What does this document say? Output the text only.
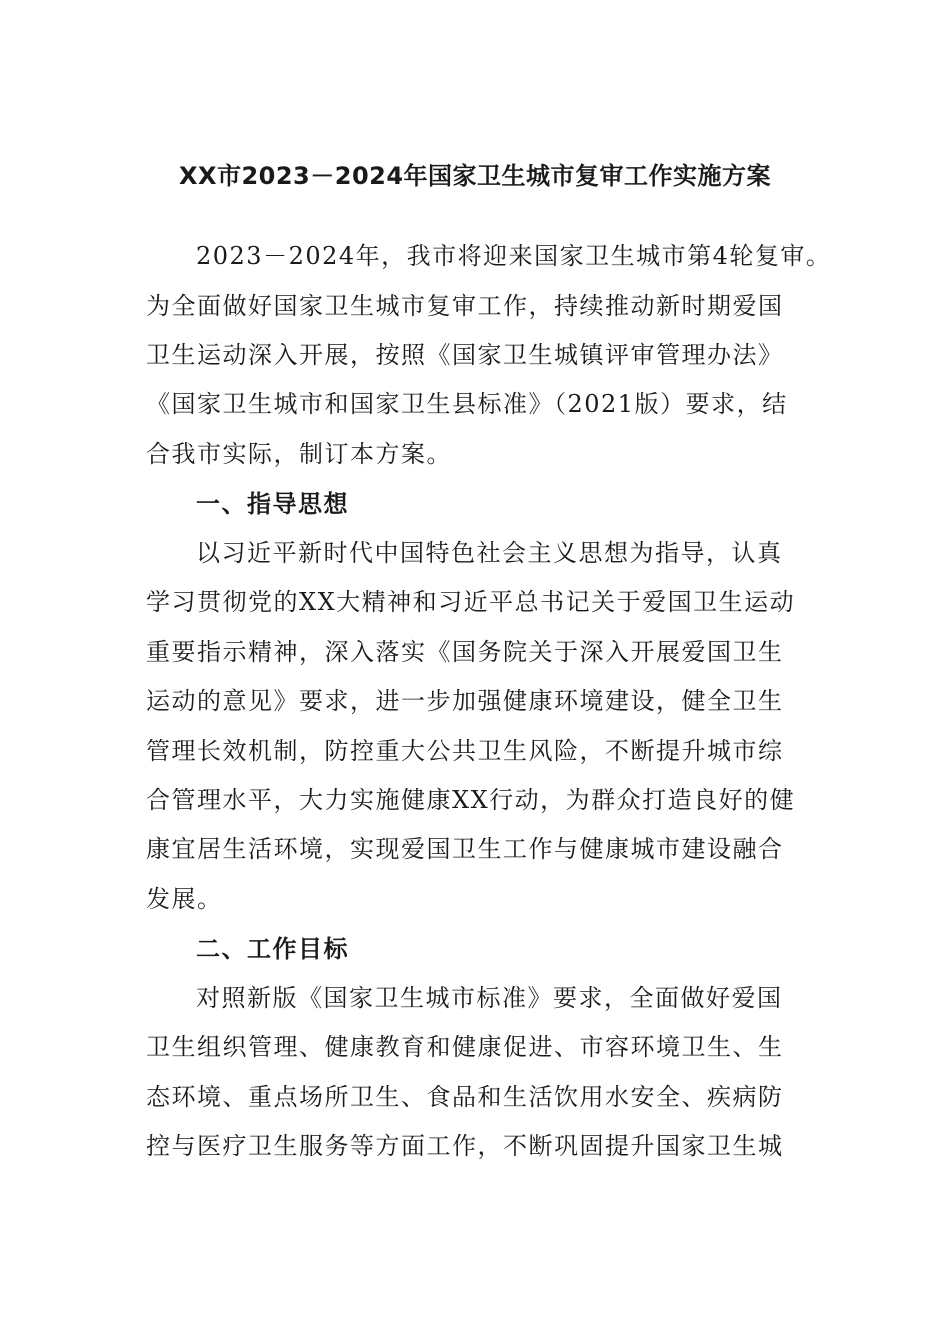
XX市2023－2024年国家卫生城市复审工作实施方案

2023－2024年，我市将迎来国家卫生城市第4轮复审。

为全面做好国家卫生城市复审工作，持续推动新时期爱国

卫生运动深入开展，按照《国家卫生城镇评审管理办法》

《国家卫生城市和国家卫生县标准》（2021版）要求，结

合我市实际，制订本方案。

一、指导思想

以习近平新时代中国特色社会主义思想为指导，认真

学习贯彻党的XX大精神和习近平总书记关于爱国卫生运动

重要指示精神，深入落实《国务院关于深入开展爱国卫生

运动的意见》要求，进一步加强健康环境建设，健全卫生

管理长效机制，防控重大公共卫生风险，不断提升城市综

合管理水平，大力实施健康XX行动，为群众打造良好的健

康宜居生活环境，实现爱国卫生工作与健康城市建设融合

发展。

二、工作目标

对照新版《国家卫生城市标准》要求，全面做好爱国

卫生组织管理、健康教育和健康促进、市容环境卫生、生

态环境、重点场所卫生、食品和生活饮用水安全、疾病防

控与医疗卫生服务等方面工作，不断巩固提升国家卫生城
